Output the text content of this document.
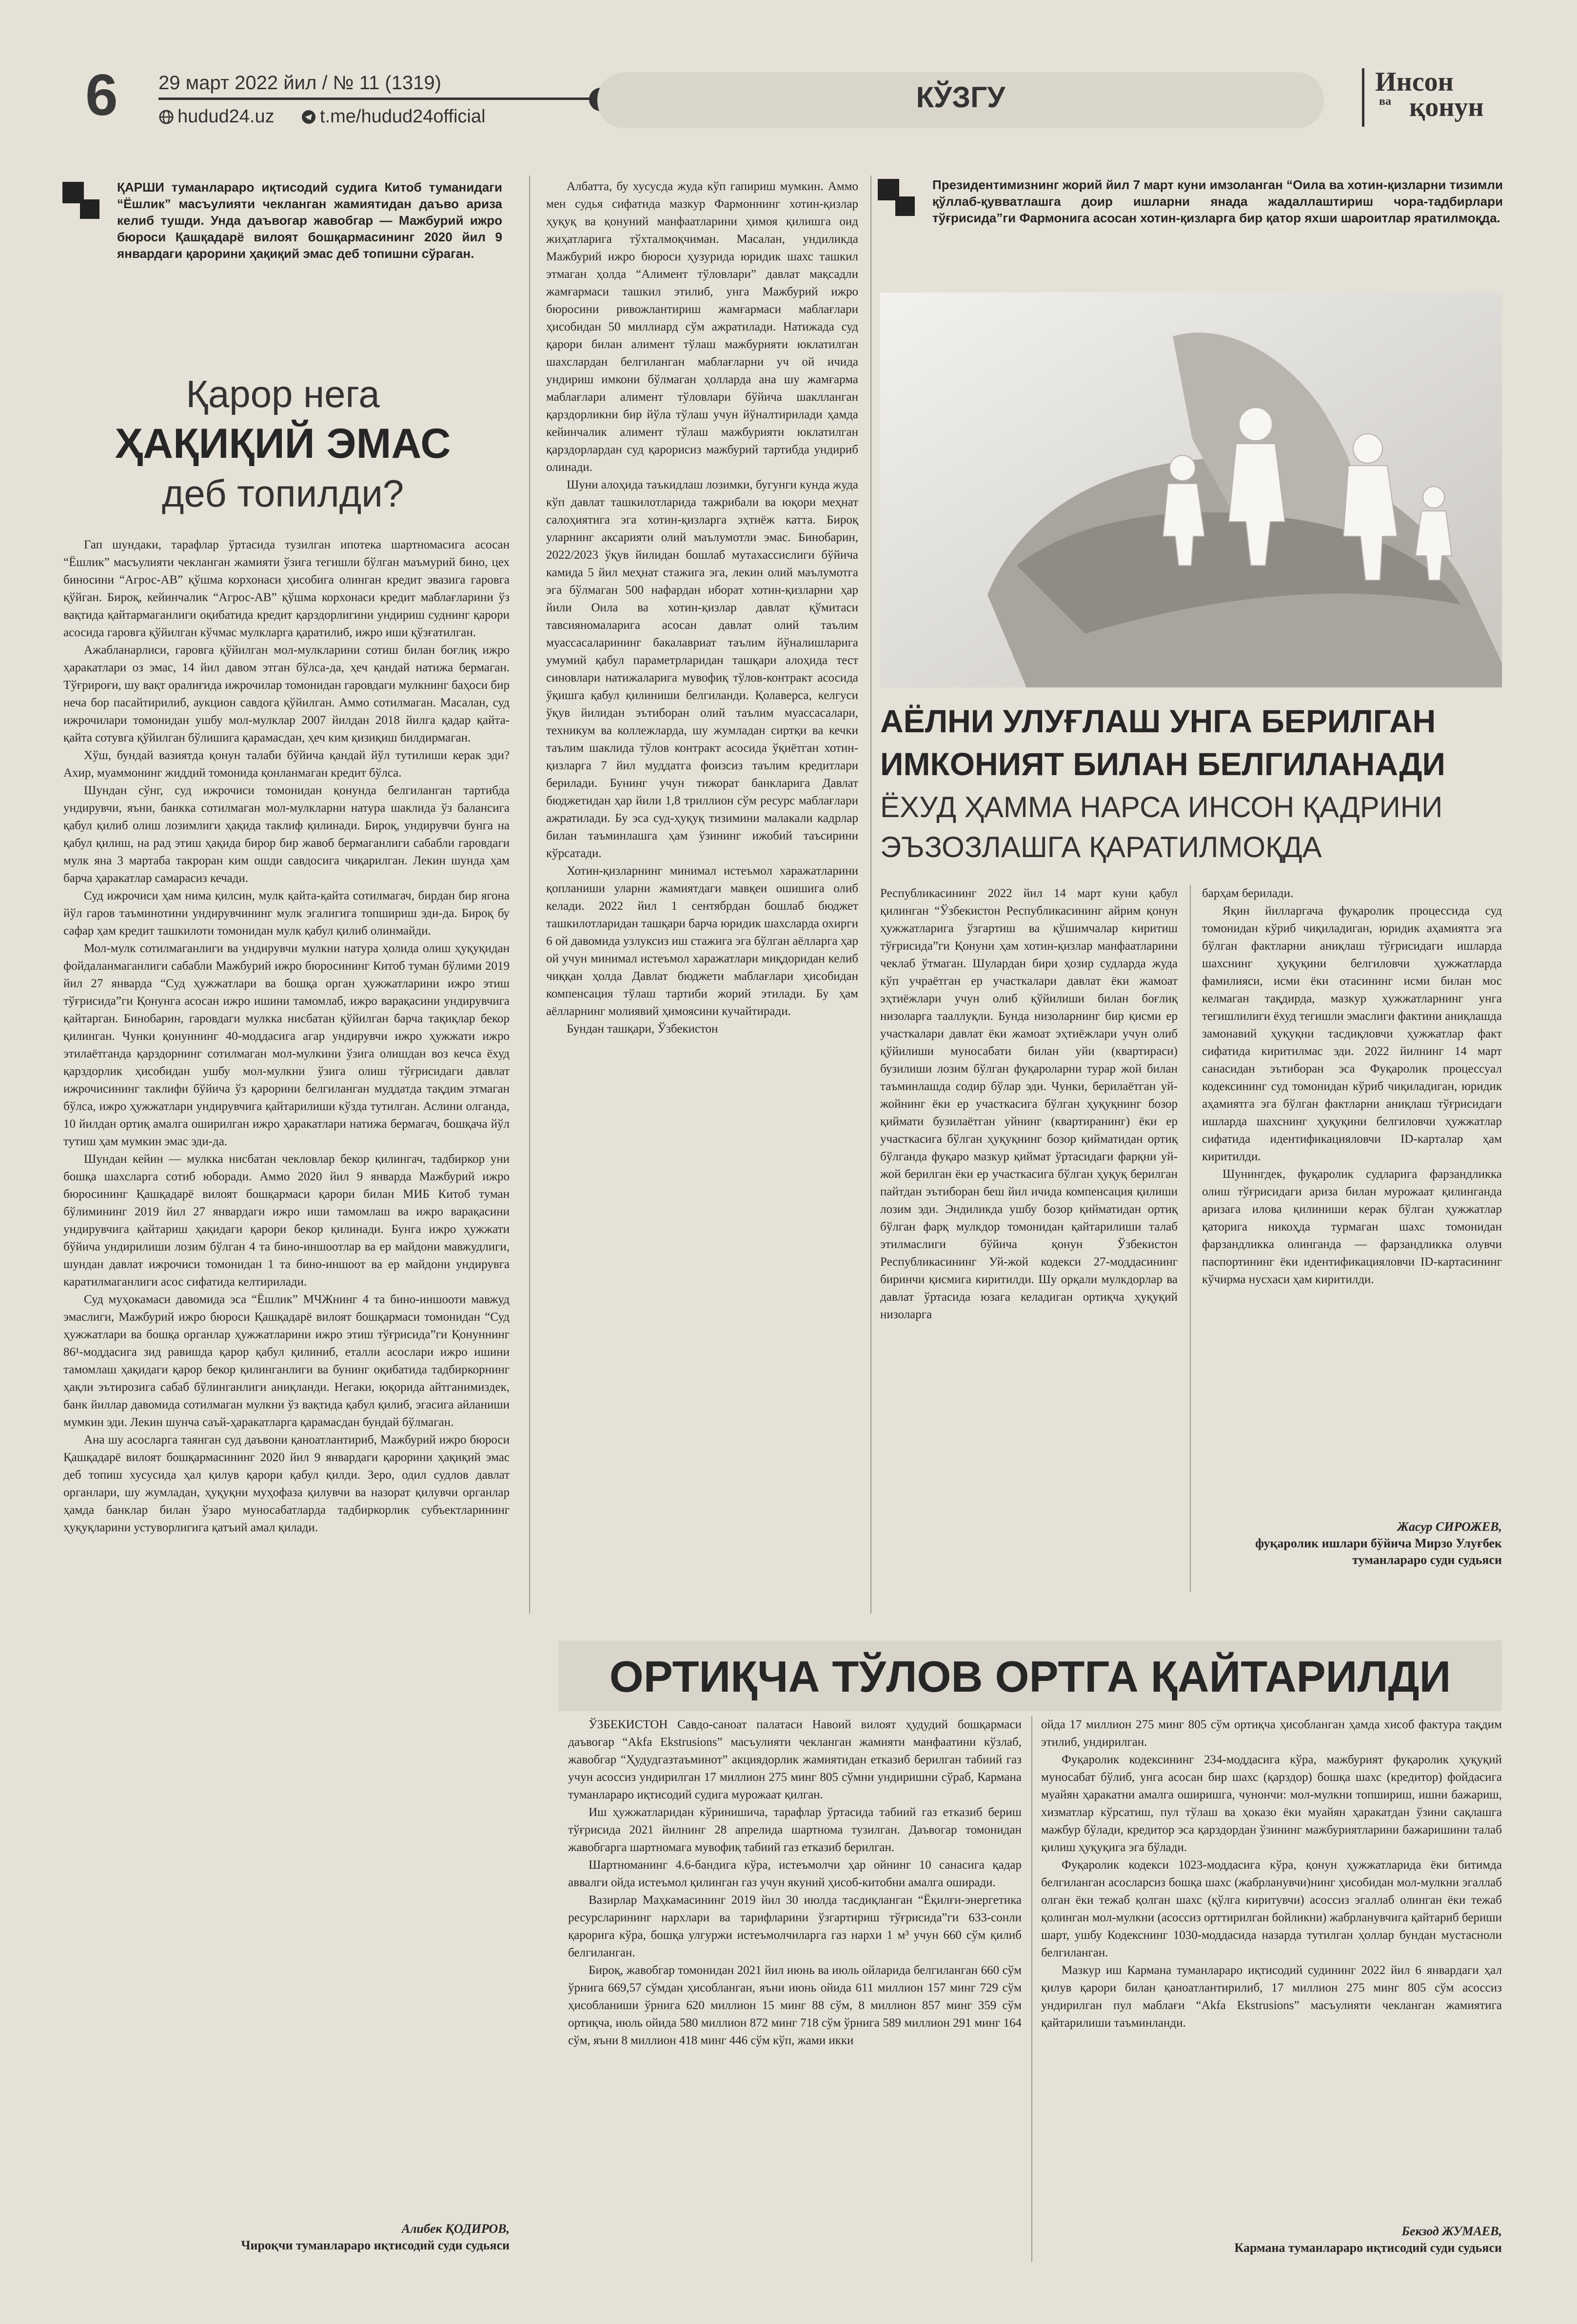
6 29 март 2022 йил / № 11 (1319)
hudud24.uz t.me/hudud24official
КЎЗГУ	Инсон
ва қонун
ҚАРШИ туманлараро иқтисодий судига Китоб туманидаги “Ёшлик” масъулияти чекланган жамиятидан даъво ариза келиб тушди. Унда даъвогар жавобгар — Мажбурий ижро бюроси Қашқадарё вилоят бошқармасининг 2020 йил 9 январдаги қарорини ҳақиқий эмас деб топишни сўраган.
Қарор нега
ҲАҚИҚИЙ ЭМАС
деб топилди?

Гап шундаки, тарафлар ўртасида тузилган ипотека шартномасига асосан “Ёшлик” масъулияти чекланган жамияти ўзига тегишли бўлган маъмурий бино, цех биносини “Агрос-АВ” қўшма корхонаси ҳисобига олинган кредит эвазига гаровга қўйган. Бироқ, кейинчалик “Агрос-АВ” қўшма корхонаси кредит маблағларини ўз вақтида қайтармаганлиги оқибатида кредит қарздорлигини ундириш суднинг қарори асосида гаровга қўйилган кўчмас мулкларга қаратилиб, ижро иши қўзғатилган.

Ажабланарлиси, гаровга қўйилган мол-мулкларини сотиш билан боғлиқ ижро ҳаракатлари оз эмас, 14 йил давом этган бўлса-да, ҳеч қандай натижа бермаган. Тўғрироғи, шу вақт оралиғида ижрочилар томонидан гаровдаги мулкнинг баҳоси бир неча бор пасайтирилиб, аукцион савдога қўйилган. Аммо сотилмаган. Масалан, суд ижрочилари томонидан ушбу мол-мулклар 2007 йилдан 2018 йилга қадар қайта-қайта сотувга қўйилган бўлишига қарамасдан, ҳеч ким қизиқиш билдирмаган.

Хўш, бундай вазиятда қонун талаби бўйича қандай йўл тутилиши керак эди? Ахир, муаммонинг жиддий томонида қонланмаган кредит бўлса.

Шундан сўнг, суд ижрочиси томонидан қонунда белгиланган тартибда ундирувчи, яъни, банкка сотилмаган мол-мулкларни натура шаклида ўз балансига қабул қилиб олиш лозимлиги ҳақида таклиф қилинади. Бироқ, ундирувчи бунга на қабул қилиш, на рад этиш ҳақида бирор бир жавоб бермаганлиги сабабли гаровдаги мулк яна 3 мартаба такроран ким ошди савдосига чиқарилган. Лекин шунда ҳам барча ҳаракатлар самарасиз кечади.

Суд ижрочиси ҳам нима қилсин, мулк қайта-қайта сотилмагач, бирдан бир ягона йўл гаров таъминотини ундирувчининг мулк эгалигига топшириш эди-да. Бироқ бу сафар ҳам кредит ташкилоти томонидан мулк қабул қилиб олинмайди.

Мол-мулк сотилмаганлиги ва ундирувчи мулкни натура ҳолида олиш ҳуқуқидан фойдаланмаганлиги сабабли Мажбурий ижро бюросининг Китоб туман бўлими 2019 йил 27 январда “Суд ҳужжатлари ва бошқа орган ҳужжатларини ижро этиш тўғрисида”ги Қонунга асосан ижро ишини тамомлаб, ижро варақасини ундирувчига қайтарган. Бинобарин, гаровдаги мулкка нисбатан қўйилган барча тақиқлар бекор қилинган. Чунки қонуннинг 40-моддасига агар ундирувчи ижро ҳужжати ижро этилаётганда қарздорнинг сотилмаган мол-мулкини ўзига олишдан воз кечса ёхуд қарздорлик ҳисобидан ушбу мол-мулкни ўзига олиш тўғрисидаги давлат ижрочисининг таклифи бўйича ўз қарорини белгиланган муддатда тақдим этмаган бўлса, ижро ҳужжатлари ундирувчига қайтарилиши кўзда тутилган. Аслини олганда, 10 йилдан ортиқ амалга оширилган ижро ҳаракатлари натижа бермагач, бошқача йўл тутиш ҳам мумкин эмас эди-да.

Шундан кейин — мулкка нисбатан чекловлар бекор қилингач, тадбиркор уни бошқа шахсларга сотиб юборади. Аммо 2020 йил 9 январда Мажбурий ижро бюросининг Қашқадарё вилоят бошқармаси қарори билан МИБ Китоб туман бўлимининг 2019 йил 27 январдаги ижро иши тамомлаш ва ижро варақасини ундирувчига қайтариш ҳақидаги қарори бекор қилинади. Бунга ижро ҳужжати бўйича ундирилиши лозим бўлган 4 та бино-иншоотлар ва ер майдони мавжудлиги, шундан давлат ижрочиси томонидан 1 та бино-иншоот ва ер майдони ундирувга каратилмаганлиги асос сифатида келтирилади.

Суд муҳокамаси давомида эса “Ёшлик” МЧЖнинг 4 та бино-иншооти мавжуд эмаслиги, Мажбурий ижро бюроси Қашқадарё вилоят бошқармаси томонидан “Суд ҳужжатлари ва бошқа органлар ҳужжатларини ижро этиш тўғрисида”ги Қонуннинг 86¹-моддасига зид равишда қарор қабул қилиниб, еталли асослари ижро ишини тамомлаш ҳақидаги қарор бекор қилинганлиги ва бунинг оқибатида тадбиркорнинг ҳақли эътирозига сабаб бўлинганлиги аниқланди. Негаки, юқорида айтганимиздек, банк йиллар давомида сотилмаган мулкни ўз вақтида қабул қилиб, эгасига айланиши мумкин эди. Лекин шунча саъй-ҳаракатларга қарамасдан бундай бўлмаган.

Ана шу асосларга таянган суд даъвони қаноатлантириб, Мажбурий ижро бюроси Қашқадарё вилоят бошқармасининг 2020 йил 9 январдаги қарорини ҳақиқий эмас деб топиш хусусида ҳал қилув қарори қабул қилди. Зеро, одил судлов давлат органлари, шу жумладан, ҳуқуқни муҳофаза қилувчи ва назорат қилувчи органлар ҳамда банклар билан ўзаро муносабатларда тадбиркорлик субъектларининг ҳуқуқларини устуворлигига қатъий амал қилади.

Алибек ҚОДИРОВ,
Чироқчи туманлараро иқтисодий суди судьяси

Албатта, бу хусусда жуда кўп гапириш мумкин. Аммо мен судья сифатида мазкур Фармоннинг хотин-қизлар ҳуқуқ ва қонуний манфаатларини ҳимоя қилишга оид жиҳатларига тўхталмоқчиман. Масалан, ундиликда Мажбурий ижро бюроси ҳузурида юридик шахс ташкил этмаган ҳолда “Алимент тўловлари” давлат мақсадли жамғармаси ташкил этилиб, унга Мажбурий ижро бюросини ривожлантириш жамғармаси маблағлари ҳисобидан 50 миллиард сўм ажратилади. Натижада суд қарори билан алимент тўлаш мажбурияти юклатилган шахслардан белгиланган маблағларни уч ой ичида ундириш имкони бўлмаган ҳолларда ана шу жамғарма маблағлари алимент тўловлари бўйича шаклланган қарздорликни бир йўла тўлаш учун йўналтирилади ҳамда кейинчалик алимент тўлаш мажбурияти юклатилган қарздорлардан суд қарорисиз мажбурий тартибда ундириб олинади.

Шуни алоҳида таъкидлаш лозимки, бугунги кунда жуда кўп давлат ташкилотларида тажрибали ва юқори меҳнат салоҳиятига эга хотин-қизларга эҳтиёж катта. Бироқ уларнинг аксарияти олий маълумотли эмас. Бинобарин, 2022/2023 ўқув йилидан бошлаб мутахассислиги бўйича камида 5 йил меҳнат стажига эга, лекин олий маълумотга эга бўлмаган 500 нафардан иборат хотин-қизларни ҳар йили Оила ва хотин-қизлар давлат қўмитаси тавсияномаларига асосан давлат олий таълим муассасаларининг бакалавриат таълим йўналишларига умумий қабул параметрларидан ташқари алоҳида тест синовлари натижаларига мувофиқ тўлов-контракт асосида ўқишга қабул қилиниши белгиланди. Қолаверса, келгуси ўқув йилидан эътиборан олий таълим муассасалари, техникум ва коллежларда, шу жумладан сиртқи ва кечки таълим шаклида тўлов контракт асосида ўқиётган хотин-қизларга 7 йил муддатга фоизсиз таълим кредитлари берилади. Бунинг учун тижорат банкларига Давлат бюджетидан ҳар йили 1,8 триллион сўм ресурс маблағлари ажратилади. Бу эса суд-ҳуқуқ тизимини малакали кадрлар билан таъминлашга ҳам ўзининг ижобий таъсирини кўрсатади.

Хотин-қизларнинг минимал истеъмол харажатларини қопланиши уларни жамиятдаги мавқеи ошишига олиб келади. 2022 йил 1 сентябрдан бошлаб бюджет ташкилотларидан ташқари барча юридик шахсларда охирги 6 ой давомида узлуксиз иш стажига эга бўлган аёлларга ҳар ой учун минимал истеъмол харажатлари миқдоридан келиб чиққан ҳолда Давлат бюджети маблағлари ҳисобидан компенсация тўлаш тартиби жорий этилади. Бу ҳам аёлларнинг молиявий ҳимоясини кучайтиради.

Бундан ташқари, Ўзбекистон

Президентимизнинг жорий йил 7 март куни имзоланган “Оила ва хотин-қизларни тизимли қўллаб-қувватлашга доир ишларни янада жадаллаштириш чора-тадбирлари тўғрисида”ги Фармонига асосан хотин-қизларга бир қатор яхши шароитлар яратилмоқда.
АЁЛНИ УЛУҒЛАШ УНГА БЕРИЛГАН ИМКОНИЯТ БИЛАН БЕЛГИЛАНАДИ
ЁХУД ҲАММА НАРСА ИНСОН ҚАДРИНИ ЭЪЗОЗЛАШГА ҚАРАТИЛМОҚДА

Республикасининг 2022 йил 14 март куни қабул қилинган “Ўзбекистон Республикасининг айрим қонун ҳужжатларига ўзгартиш ва қўшимчалар киритиш тўғрисида”ги Қонуни ҳам хотин-қизлар манфаатларини чеклаб ўтмаган. Шулардан бири ҳозир судларда жуда кўп учраётган ер участкалари давлат ёки жамоат эҳтиёжлари учун олиб қўйилиши билан боғлиқ низоларга тааллуқли. Бунда низоларнинг бир қисми ер участкалари давлат ёки жамоат эҳтиёжлари учун олиб қўйилиши муносабати билан уйи (квартираси) бузилиши лозим бўлган фуқароларни турар жой билан таъминлашда содир бўлар эди. Чунки, берилаётган уй-жойнинг ёки ер участкасига бўлган ҳуқуқнинг бозор қиймати бузилаётган уйнинг (квартиранинг) ёки ер участкасига бўлган ҳуқуқнинг бозор қийматидан ортиқ бўлганда фуқаро мазкур қиймат ўртасидаги фарқни уй-жой берилган ёки ер участкасига бўлган ҳуқуқ берилган пайтдан эътиборан беш йил ичида компенсация қилиши лозим эди. Эндиликда ушбу бозор қийматидан ортиқ бўлган фарқ мулкдор томонидан қайтарилиши талаб этилмаслиги бўйича қонун Ўзбекистон Республикасининг Уй-жой кодекси 27-моддасининг биринчи қисмига киритилди. Шу орқали мулкдорлар ва давлат ўртасида юзага келадиган ортиқча ҳуқуқий низоларга

барҳам берилади.

Яқин йилларгача фуқаролик процессида суд томонидан кўриб чиқиладиган, юридик аҳамиятга эга бўлган фактларни аниқлаш тўғрисидаги ишларда шахснинг ҳуқуқини белгиловчи ҳужжатларда фамилияси, исми ёки отасининг исми билан мос келмаган тақдирда, мазкур ҳужжатларнинг унга тегишлилиги ёхуд тегишли эмаслиги фактини аниқлашда замонавий ҳуқуқни тасдиқловчи ҳужжатлар факт сифатида киритилмас эди. 2022 йилнинг 14 март санасидан эътиборан эса Фуқаролик процессуал кодексининг суд томонидан кўриб чиқиладиган, юридик аҳамиятга эга бўлган фактларни аниқлаш тўғрисидаги ишларда шахснинг ҳуқуқини белгиловчи ҳужжатлар сифатида идентификацияловчи ID-карталар ҳам киритилди.

Шунингдек, фуқаролик судларига фарзандликка олиш тўғрисидаги ариза билан мурожаат қилинганда аризага илова қилиниши керак бўлган ҳужжатлар қаторига никоҳда турмаган шахс томонидан фарзандликка олинганда — фарзандликка олувчи паспортининг ёки идентификацияловчи ID-картасининг кўчирма нусхаси ҳам киритилди.

Жасур СИРОЖЕВ,
фуқаролик ишлари бўйича Мирзо Улуғбек туманлараро суди судьяси
ОРТИҚЧА ТЎЛОВ ОРТГА ҚАЙТАРИЛДИ

ЎЗБЕКИСТОН Савдо-саноат палатаси Навоий вилоят ҳудудий бошқармаси даъвогар “Akfa Ekstrusions” масъулияти чекланган жамияти манфаатини кўзлаб, жавобгар “Ҳудудгазтаъминот” акциядорлик жамиятидан етказиб берилган табиий газ учун асоссиз ундирилган 17 миллион 275 минг 805 сўмни ундиришни сўраб, Кармана туманлараро иқтисодий судига мурожаат қилган.

Иш ҳужжатларидан кўринишича, тарафлар ўртасида табиий газ етказиб бериш тўғрисида 2021 йилнинг 28 апрелида шартнома тузилган. Даъвогар томонидан жавобгарга шартномага мувофиқ табиий газ етказиб берилган.

Шартноманинг 4.6-бандига кўра, истеъмолчи ҳар ойнинг 10 санасига қадар аввалги ойда истеъмол қилинган газ учун якуний ҳисоб-китобни амалга оширади.

Вазирлар Маҳкамасининг 2019 йил 30 июлда тасдиқланган “Ёқилғи-энергетика ресурсларининг нархлари ва тарифларини ўзгартириш тўғрисида”ги 633-сонли қарорига кўра, бошқа улгуржи истеъмолчиларга газ нархи 1 м³ учун 660 сўм қилиб белгиланган.

Бироқ, жавобгар томонидан 2021 йил июнь ва июль ойларида белгиланган 660 сўм ўрнига 669,57 сўмдан ҳисобланган, яъни июнь ойида 611 миллион 157 минг 729 сўм ҳисобланиши ўрнига 620 миллион 15 минг 88 сўм, 8 миллион 857 минг 359 сўм ортиқча, июль ойида 580 миллион 872 минг 718 сўм ўрнига 589 миллион 291 минг 164 сўм, яъни 8 миллион 418 минг 446 сўм кўп, жами икки

ойда 17 миллион 275 минг 805 сўм ортиқча ҳисобланган ҳамда хисоб фактура тақдим этилиб, ундирилган.

Фуқаролик кодексининг 234-моддасига кўра, мажбурият фуқаролик ҳуқуқий муносабат бўлиб, унга асосан бир шахс (қарздор) бошқа шахс (кредитор) фойдасига муайян ҳаракатни амалга оширишга, чунончи: мол-мулкни топшириш, ишни бажариш, хизматлар кўрсатиш, пул тўлаш ва ҳоказо ёки муайян ҳаракатдан ўзини сақлашга мажбур бўлади, кредитор эса қарздордан ўзининг мажбуриятларини бажаришини талаб қилиш ҳуқуқига эга бўлади.

Фуқаролик кодекси 1023-моддасига кўра, қонун ҳужжатларида ёки битимда белгиланган асосларсиз бошқа шахс (жабрланувчи)нинг ҳисобидан мол-мулкни эгаллаб олган ёки тежаб қолган шахс (қўлга киритувчи) асоссиз эгаллаб олинган ёки тежаб қолинган мол-мулкни (асоссиз орттирилган бойликни) жабрланувчига қайтариб бериши шарт, ушбу Кодекснинг 1030-моддасида назарда тутилган ҳоллар бундан мустасноли белгиланган.

Мазкур иш Кармана туманлараро иқтисодий судининг 2022 йил 6 январдаги ҳал қилув қарори билан қаноатлантирилиб, 17 миллион 275 минг 805 сўм асоссиз ундирилган пул маблағи “Akfa Ekstrusions” масъулияти чекланган жамиятига қайтарилиши таъминланди.

Бекзод ЖУМАЕВ,
Кармана туманлараро иқтисодий суди судьяси
